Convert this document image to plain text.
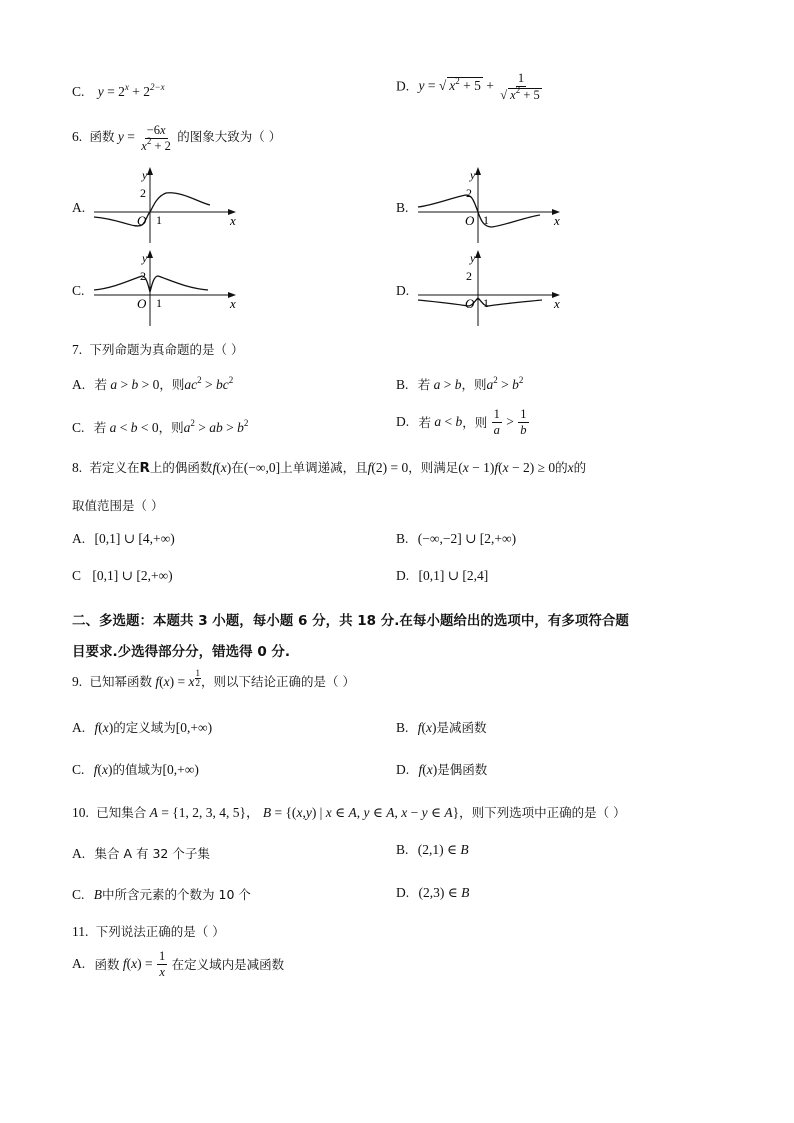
C. $y = 2^x + 2^{2-x}$	D. y = √ $x^2 + 5 + \frac{1}{√ x^2 + 5}$
6. 函数 $y = \frac{-6x}{x^2 + 2}$ 的图象大致为（ ）
A.
y
2
O 1	x
B.
y
2
O 1	x
C.
y
2
O 1	x
D.
y
2
O 1	x
7. 下列命题为真命题的是（ ）
A. 若 a > b > 0，则$ac^2 > bc^2$	B. 若 a > b，则$a^2 > b^2$
C. 若 a < b < 0，则$a^2$ > ab > $b^2$	D. 若 a < b，则 $\frac{1}{a} > \frac{1}{b}$
8. 若定义在R上的偶函数f(x)在(−∞,0]上单调递减，且f(2) = 0，则满足(x − 1)f(x − 2) ≥ 0的x的
取值范围是（ ）
A. [0,1] ∪ [4,+∞)	B. (−∞,−2] ∪ [2,+∞)
C [0,1] ∪ [2,+∞)	D. [0,1] ∪ [2,4]
二、多选题：本题共 3 小题，每小题 6 分，共 18 分.在每小题给出的选项中，有多项符合题
目要求.少选得部分分，错选得 0 分.
9. 已知幂函数 f(x) = x $\frac{1}{2}$ ，则以下结论正确的是（ ）
A. f(x)的定义域为[0,+∞)	B. f(x)是减函数
C. f(x)的值域为[0,+∞)	D. f(x)是偶函数
10. 已知集合 A = {1, 2, 3, 4, 5}， B = {(x,y) | x ∈ A, y ∈ A, x − y ∈ A}，则下列选项中正确的是（ ）
A. 集合 A 有 32 个子集	B. (2,1) ∈ B
C. B中所含元素的个数为 10 个	D. (2,3) ∈ B
11. 下列说法正确的是（ ）
A. 函数 $f(x) = \frac{1}{x}$ 在定义域内是减函数
